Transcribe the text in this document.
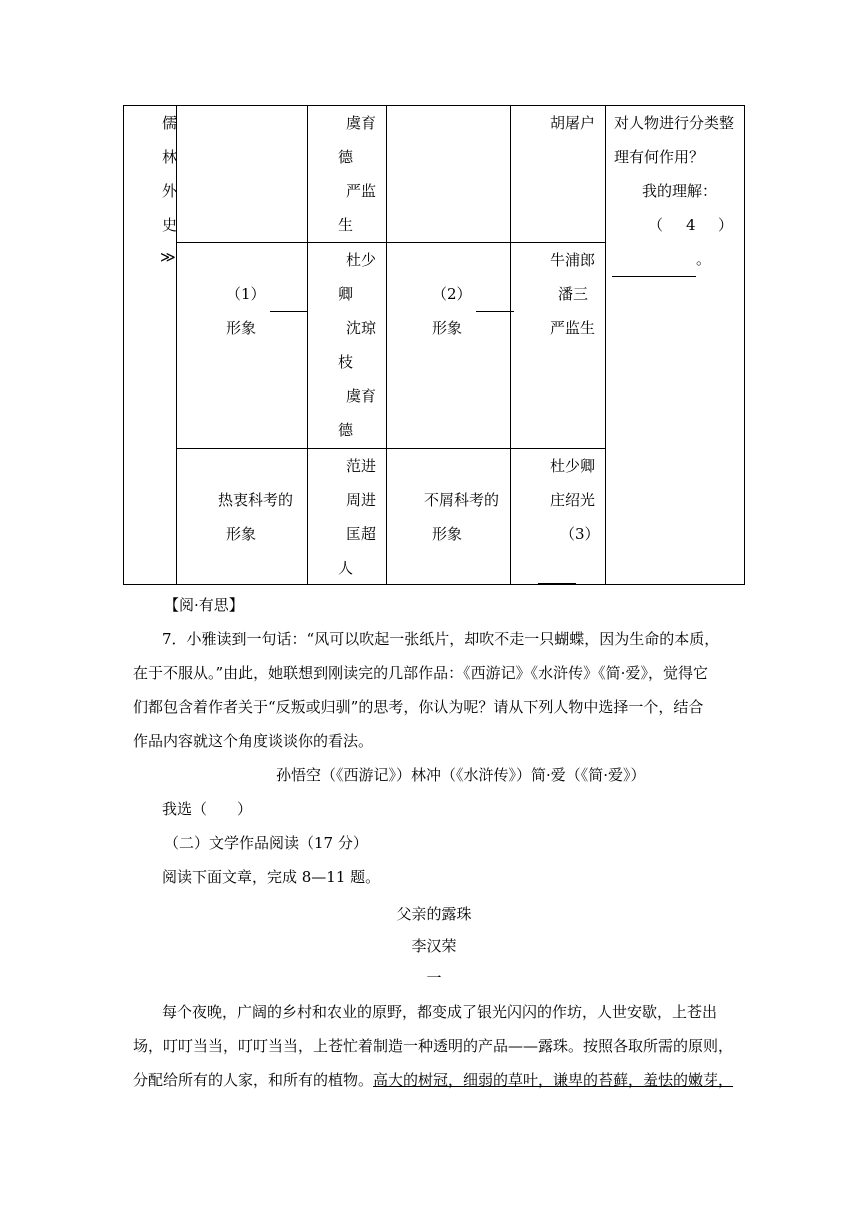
儒
林
外
史
≫
虞育
德
严监
生
胡屠户 对人物进行分类整
理有何作用？
我的理解：
（ 4 ）
。
（1）
形象
杜少
卿
沈琼
枝
虞育
德
（2）
形象
牛浦郎
潘三
严监生
热衷科考的
形象
范进
周进
匡超
人
不屑科考的
形象
杜少卿
庄绍光
（3）

【阅·有思】
7．小雅读到一句话：“风可以吹起一张纸片，却吹不走一只蝴蝶，因为生命的本质，
在于不服从。”由此，她联想到刚读完的几部作品：《西游记》《水浒传》《简·爱》，觉得它
们都包含着作者关于“反叛或归驯”的思考，你认为呢？请从下列人物中选择一个，结合
作品内容就这个角度谈谈你的看法。
孙悟空（《西游记》）林冲（《水浒传》）简·爱（《简·爱》）
我选（　　）
（二）文学作品阅读（17 分）
阅读下面文章，完成 8—11 题。
父亲的露珠
李汉荣
一
每个夜晚，广阔的乡村和农业的原野，都变成了银光闪闪的作坊，人世安歇，上苍出
场，叮叮当当，叮叮当当，上苍忙着制造一种透明的产品——露珠。按照各取所需的原则，
分配给所有的人家，和所有的植物。高大的树冠，细弱的草叶，谦卑的苔藓，羞怯的嫩芽，
